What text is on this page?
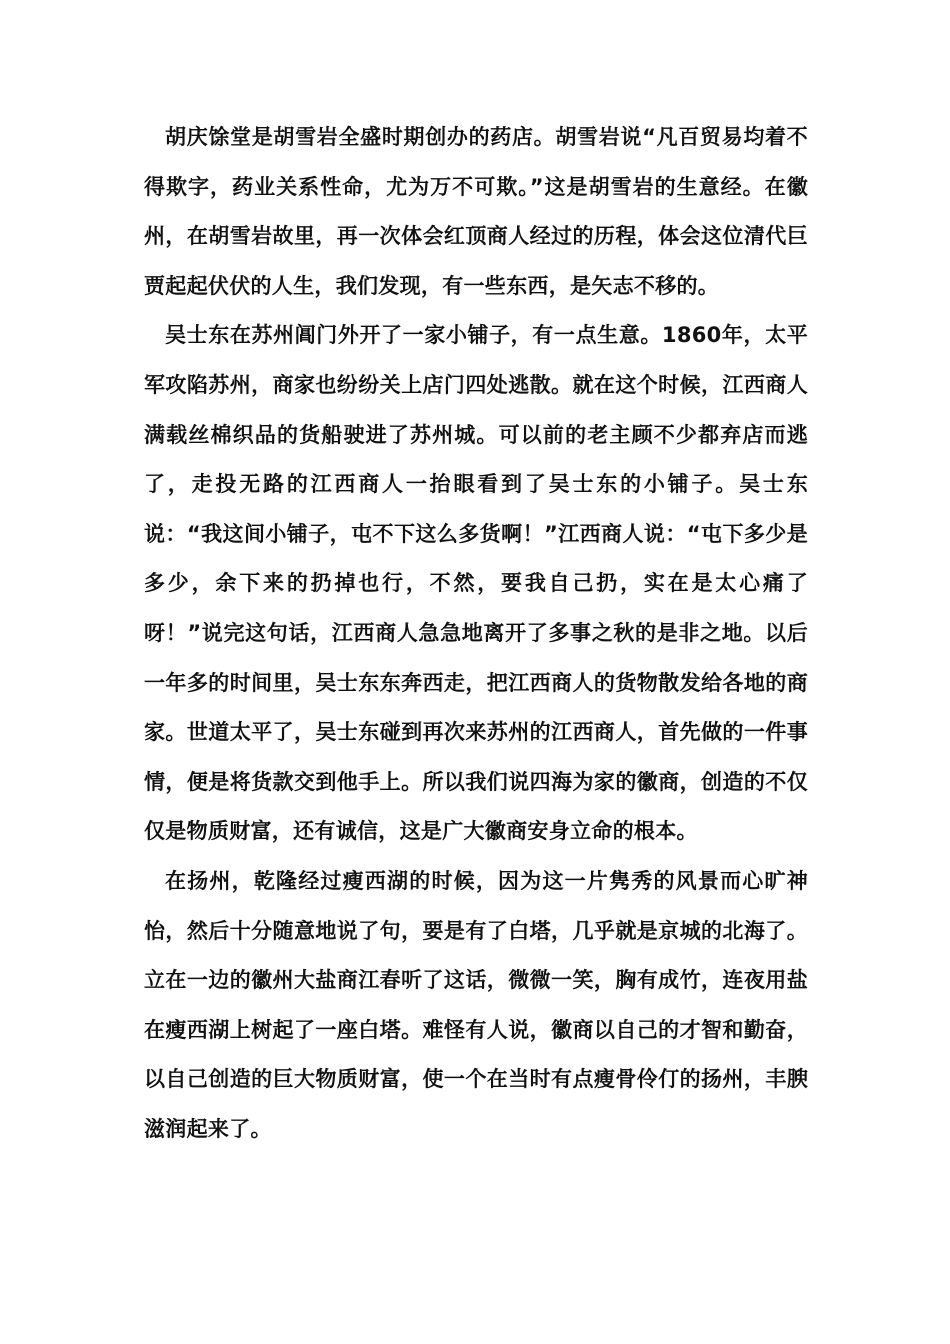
胡庆馀堂是胡雪岩全盛时期创办的药店。胡雪岩说“凡百贸易均着不得欺字，药业关系性命，尤为万不可欺。”这是胡雪岩的生意经。在徽州，在胡雪岩故里，再一次体会红顶商人经过的历程，体会这位清代巨贾起起伏伏的人生，我们发现，有一些东西，是矢志不移的。

吴士东在苏州阊门外开了一家小铺子，有一点生意。1860年，太平军攻陷苏州，商家也纷纷关上店门四处逃散。就在这个时候，江西商人满载丝棉织品的货船驶进了苏州城。可以前的老主顾不少都弃店而逃了，走投无路的江西商人一抬眼看到了吴士东的小铺子。吴士东说：“我这间小铺子，屯不下这么多货啊！”江西商人说：“屯下多少是多少，余下来的扔掉也行，不然，要我自己扔，实在是太心痛了呀！”说完这句话，江西商人急急地离开了多事之秋的是非之地。以后一年多的时间里，吴士东东奔西走，把江西商人的货物散发给各地的商家。世道太平了，吴士东碰到再次来苏州的江西商人，首先做的一件事情，便是将货款交到他手上。所以我们说四海为家的徽商，创造的不仅仅是物质财富，还有诚信，这是广大徽商安身立命的根本。

在扬州，乾隆经过瘦西湖的时候，因为这一片隽秀的风景而心旷神怡，然后十分随意地说了句，要是有了白塔，几乎就是京城的北海了。立在一边的徽州大盐商江春听了这话，微微一笑，胸有成竹，连夜用盐在瘦西湖上树起了一座白塔。难怪有人说，徽商以自己的才智和勤奋，以自己创造的巨大物质财富，使一个在当时有点瘦骨伶仃的扬州，丰腴滋润起来了。
